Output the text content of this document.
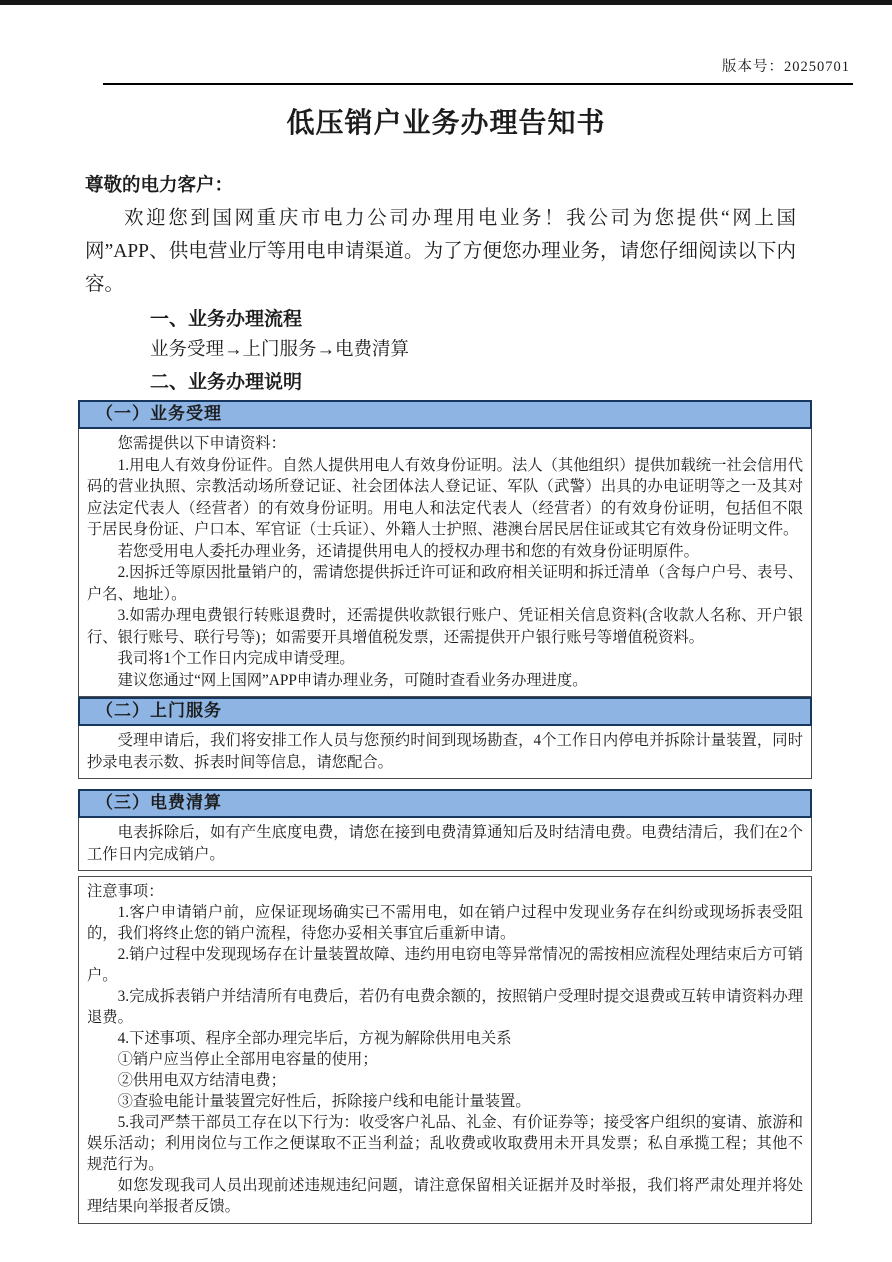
版本号：20250701
低压销户业务办理告知书
尊敬的电力客户：
欢迎您到国网重庆市电力公司办理用电业务！我公司为您提供“网上国网”APP、供电营业厅等用电申请渠道。为了方便您办理业务，请您仔细阅读以下内容。
一、业务办理流程
业务受理→上门服务→电费清算
二、业务办理说明
（一）业务受理

您需提供以下申请资料：

1.用电人有效身份证件。自然人提供用电人有效身份证明。法人（其他组织）提供加载统一社会信用代码的营业执照、宗教活动场所登记证、社会团体法人登记证、军队（武警）出具的办电证明等之一及其对应法定代表人（经营者）的有效身份证明。用电人和法定代表人（经营者）的有效身份证明，包括但不限于居民身份证、户口本、军官证（士兵证）、外籍人士护照、港澳台居民居住证或其它有效身份证明文件。

若您受用电人委托办理业务，还请提供用电人的授权办理书和您的有效身份证明原件。

2.因拆迁等原因批量销户的，需请您提供拆迁许可证和政府相关证明和拆迁清单（含每户户号、表号、户名、地址）。

3.如需办理电费银行转账退费时，还需提供收款银行账户、凭证相关信息资料(含收款人名称、开户银行、银行账号、联行号等)；如需要开具增值税发票，还需提供开户银行账号等增值税资料。

我司将1个工作日内完成申请受理。

建议您通过“网上国网”APP申请办理业务，可随时查看业务办理进度。

（二）上门服务

受理申请后，我们将安排工作人员与您预约时间到现场勘查，4个工作日内停电并拆除计量装置，同时抄录电表示数、拆表时间等信息，请您配合。

（三）电费清算

电表拆除后，如有产生底度电费，请您在接到电费清算通知后及时结清电费。电费结清后，我们在2个工作日内完成销户。

注意事项：

1.客户申请销户前，应保证现场确实已不需用电，如在销户过程中发现业务存在纠纷或现场拆表受阻的，我们将终止您的销户流程，待您办妥相关事宜后重新申请。

2.销户过程中发现现场存在计量装置故障、违约用电窃电等异常情况的需按相应流程处理结束后方可销户。

3.完成拆表销户并结清所有电费后，若仍有电费余额的，按照销户受理时提交退费或互转申请资料办理退费。

4.下述事项、程序全部办理完毕后，方视为解除供用电关系

①销户应当停止全部用电容量的使用；

②供用电双方结清电费；

③查验电能计量装置完好性后，拆除接户线和电能计量装置。

5.我司严禁干部员工存在以下行为：收受客户礼品、礼金、有价证券等；接受客户组织的宴请、旅游和娱乐活动；利用岗位与工作之便谋取不正当利益；乱收费或收取费用未开具发票；私自承揽工程；其他不规范行为。

如您发现我司人员出现前述违规违纪问题，请注意保留相关证据并及时举报，我们将严肃处理并将处理结果向举报者反馈。
